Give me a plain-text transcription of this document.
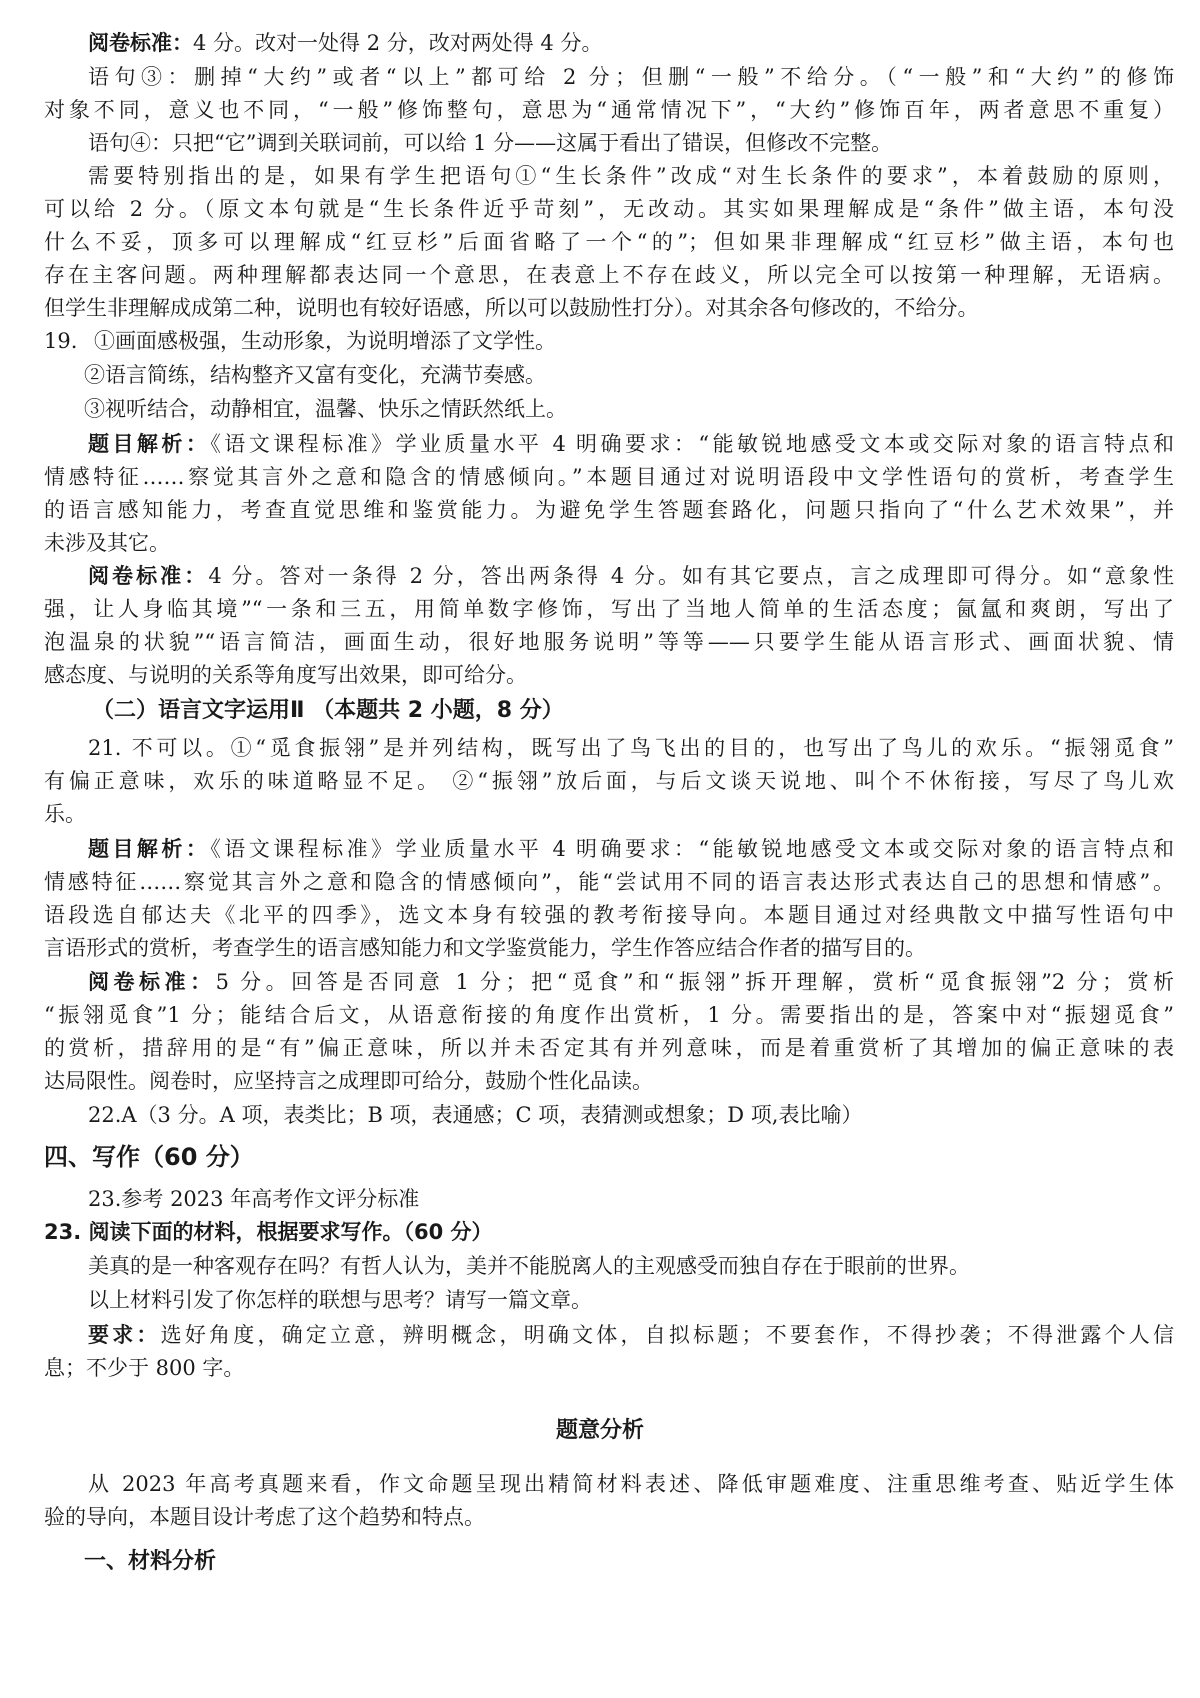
阅卷标准：4 分。改对一处得 2 分，改对两处得 4 分。
语句③：删掉“大约”或者“以上”都可给 2 分；但删“一般”不给分。（“一般”和“大约”的修饰
对象不同，意义也不同，“一般”修饰整句，意思为“通常情况下”，“大约”修饰百年，两者意思不重复）
语句④：只把“它”调到关联词前，可以给 1 分——这属于看出了错误，但修改不完整。
需要特别指出的是，如果有学生把语句①“生长条件”改成“对生长条件的要求”，本着鼓励的原则，
可以给 2 分。（原文本句就是“生长条件近乎苛刻”，无改动。其实如果理解成是“条件”做主语，本句没
什么不妥，顶多可以理解成“红豆杉”后面省略了一个“的”；但如果非理解成“红豆杉”做主语，本句也
存在主客问题。两种理解都表达同一个意思，在表意上不存在歧义，所以完全可以按第一种理解，无语病。
但学生非理解成成第二种，说明也有较好语感，所以可以鼓励性打分）。对其余各句修改的，不给分。
19. ①画面感极强，生动形象，为说明增添了文学性。
②语言简练，结构整齐又富有变化，充满节奏感。
③视听结合，动静相宜，温馨、快乐之情跃然纸上。
题目解析：《语文课程标准》学业质量水平 4 明确要求：“能敏锐地感受文本或交际对象的语言特点和
情感特征……察觉其言外之意和隐含的情感倾向。”本题目通过对说明语段中文学性语句的赏析，考查学生
的语言感知能力，考查直觉思维和鉴赏能力。为避免学生答题套路化，问题只指向了“什么艺术效果”，并
未涉及其它。
阅卷标准：4 分。答对一条得 2 分，答出两条得 4 分。如有其它要点，言之成理即可得分。如“意象性
强，让人身临其境”“一条和三五，用简单数字修饰，写出了当地人简单的生活态度；氤氲和爽朗，写出了
泡温泉的状貌”“语言简洁，画面生动，很好地服务说明”等等——只要学生能从语言形式、画面状貌、情
感态度、与说明的关系等角度写出效果，即可给分。
（二）语言文字运用Ⅱ （本题共 2 小题，8 分）
21. 不可以。①“觅食振翎”是并列结构，既写出了鸟飞出的目的，也写出了鸟儿的欢乐。“振翎觅食”
有偏正意味，欢乐的味道略显不足。 ②“振翎”放后面，与后文谈天说地、叫个不休衔接，写尽了鸟儿欢
乐。
题目解析：《语文课程标准》学业质量水平 4 明确要求：“能敏锐地感受文本或交际对象的语言特点和
情感特征……察觉其言外之意和隐含的情感倾向”，能“尝试用不同的语言表达形式表达自己的思想和情感”。
语段选自郁达夫《北平的四季》，选文本身有较强的教考衔接导向。本题目通过对经典散文中描写性语句中
言语形式的赏析，考查学生的语言感知能力和文学鉴赏能力，学生作答应结合作者的描写目的。
阅卷标准：5 分。回答是否同意 1 分；把“觅食”和“振翎”拆开理解，赏析“觅食振翎”2 分；赏析
“振翎觅食”1 分；能结合后文，从语意衔接的角度作出赏析，1 分。需要指出的是，答案中对“振翅觅食”
的赏析，措辞用的是“有”偏正意味，所以并未否定其有并列意味，而是着重赏析了其增加的偏正意味的表
达局限性。阅卷时，应坚持言之成理即可给分，鼓励个性化品读。
22.A（3 分。A 项，表类比；B 项，表通感；C 项，表猜测或想象；D 项,表比喻）
四、写作（60 分）
23.参考 2023 年高考作文评分标准
23. 阅读下面的材料，根据要求写作。（60 分）
美真的是一种客观存在吗？有哲人认为，美并不能脱离人的主观感受而独自存在于眼前的世界。
以上材料引发了你怎样的联想与思考？请写一篇文章。
要求：选好角度，确定立意，辨明概念，明确文体，自拟标题；不要套作，不得抄袭；不得泄露个人信
息；不少于 800 字。
题意分析
从 2023 年高考真题来看，作文命题呈现出精简材料表述、降低审题难度、注重思维考查、贴近学生体
验的导向，本题目设计考虑了这个趋势和特点。
一、材料分析
